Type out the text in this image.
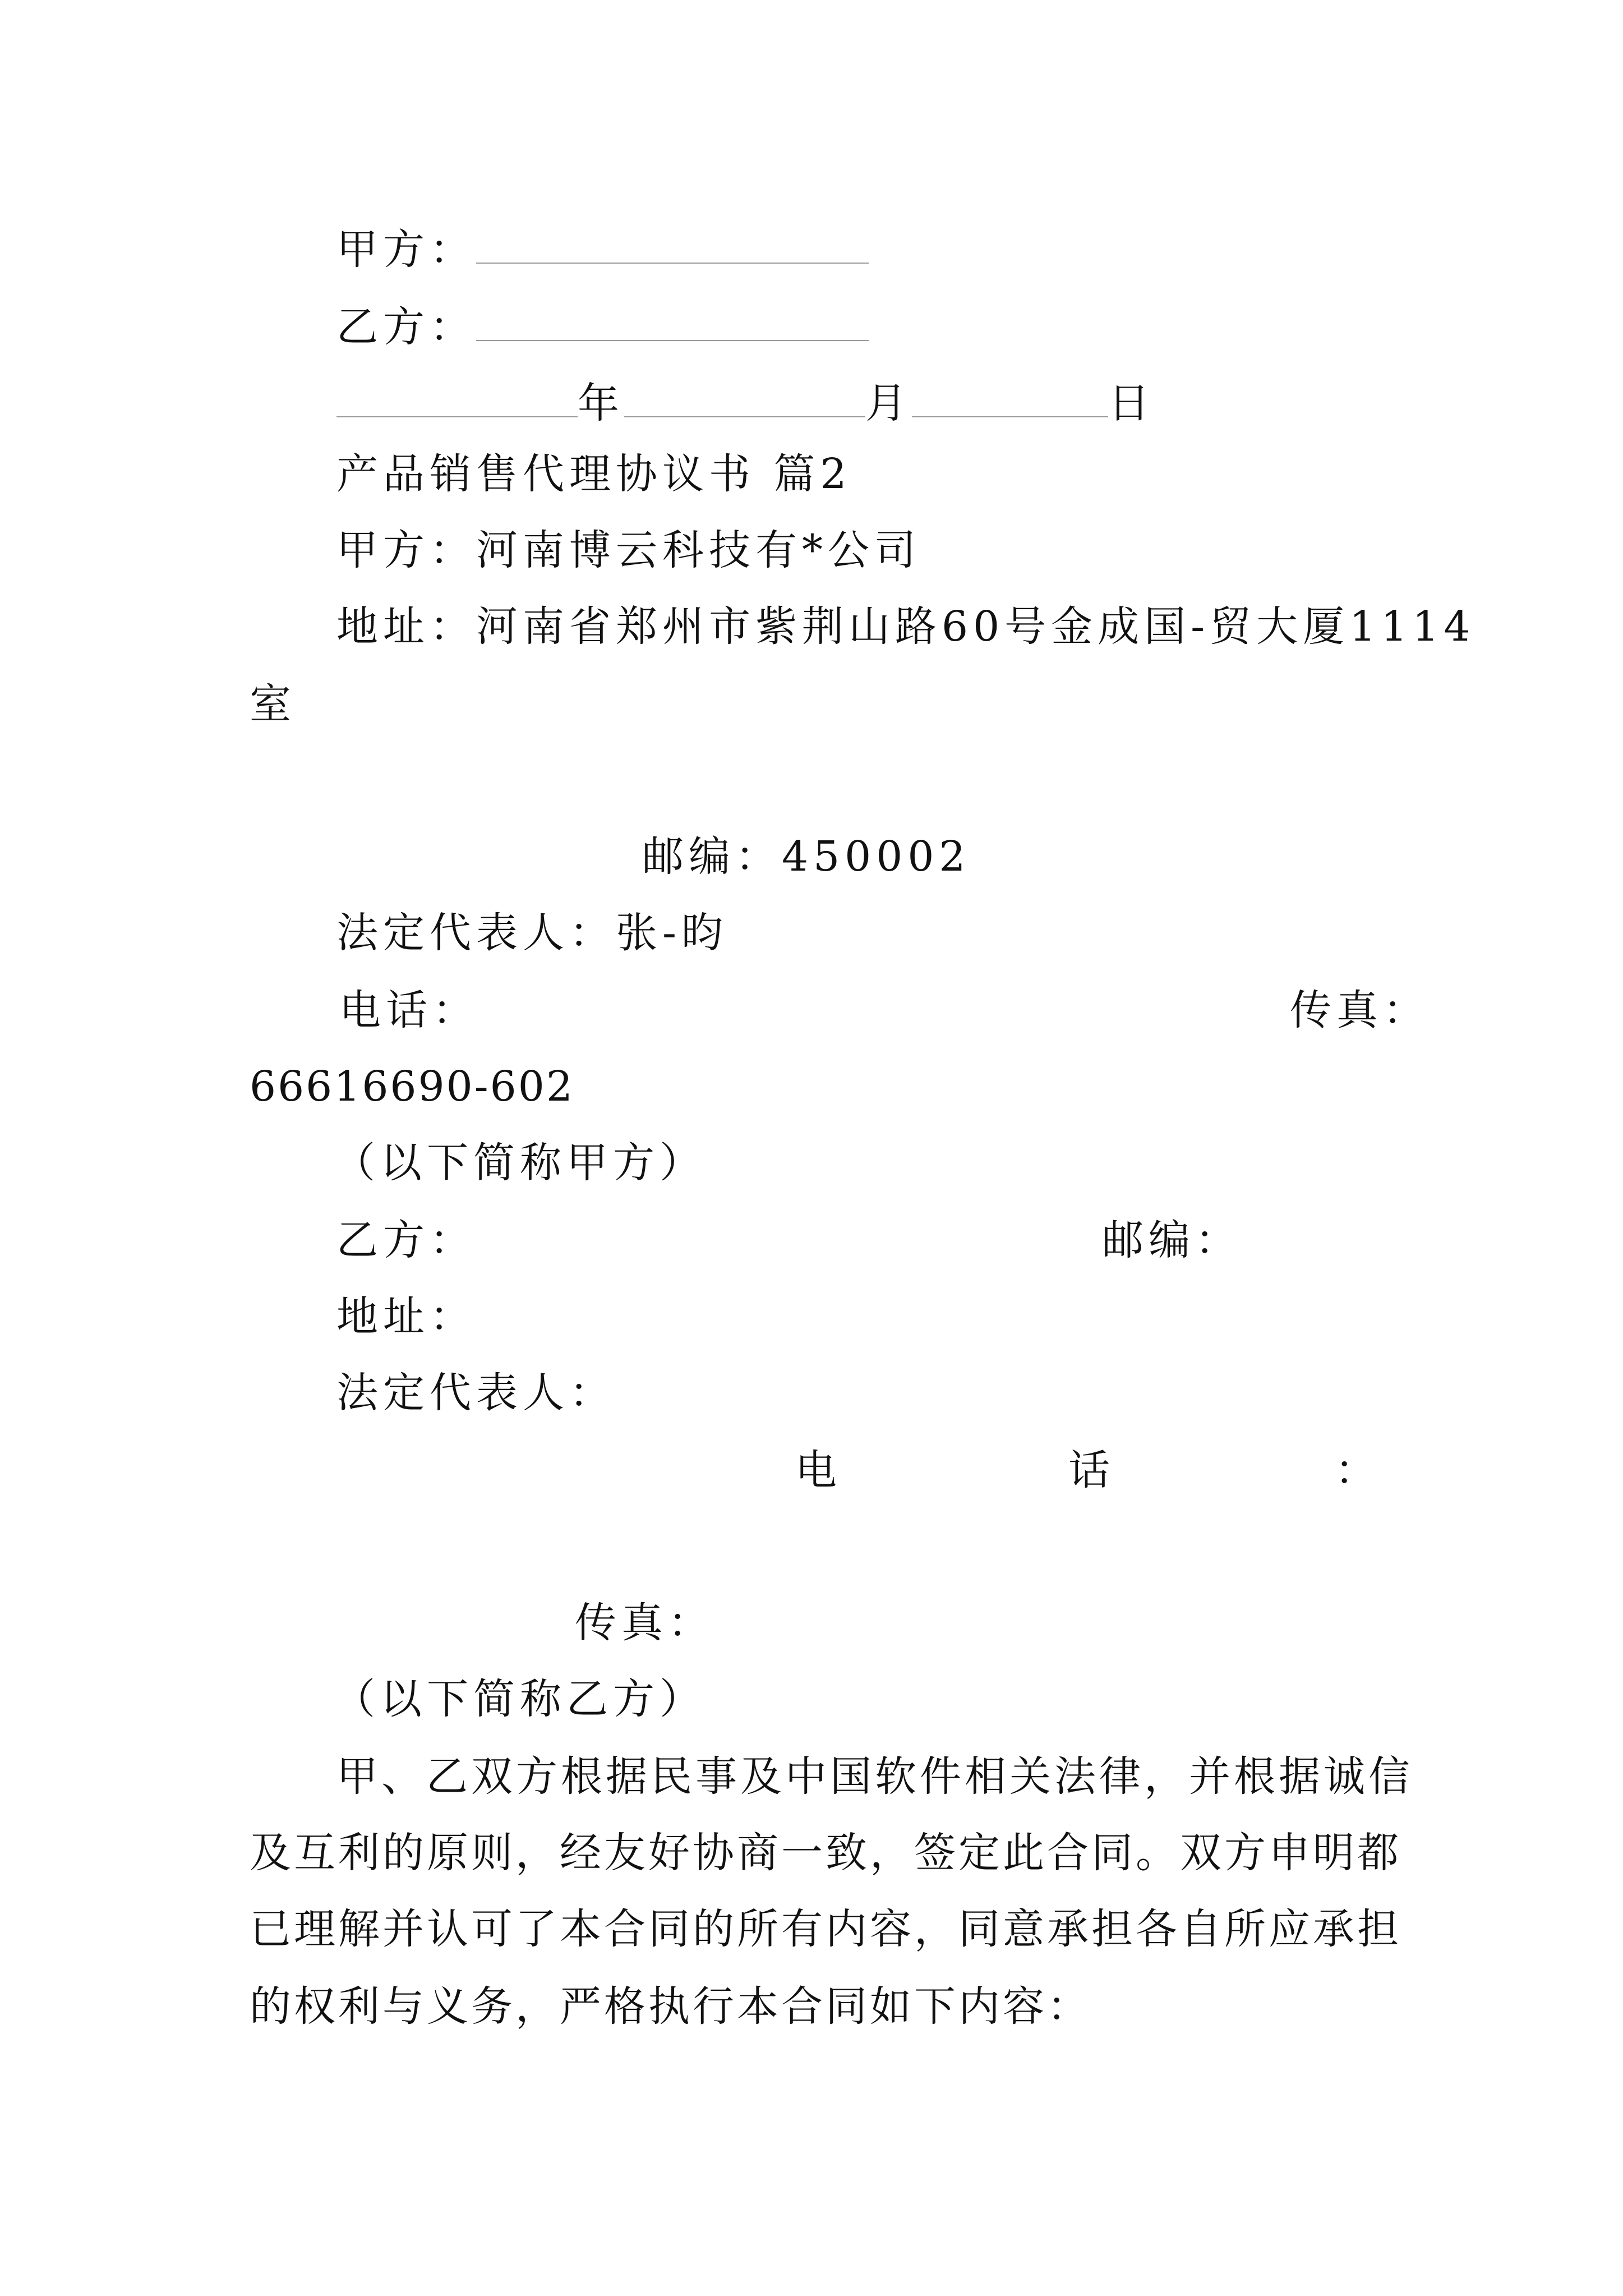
甲方：
乙方：
年	月	日
产品销售代理协议书 篇2
甲方：河南博云科技有*公司
地址：河南省郑州市紫荆山路60号金成国-贸大厦1114
室
邮编：450002
法定代表人：张-昀
电话：	传真：
66616690-602
（以下简称甲方）
乙方：	邮编：
地址：
法定代表人：
电	话	：
传真：
（以下简称乙方）
甲、乙双方根据民事及中国软件相关法律，并根据诚信
及互利的原则，经友好协商一致，签定此合同。双方申明都
已理解并认可了本合同的所有内容，同意承担各自所应承担
的权利与义务，严格执行本合同如下内容：
